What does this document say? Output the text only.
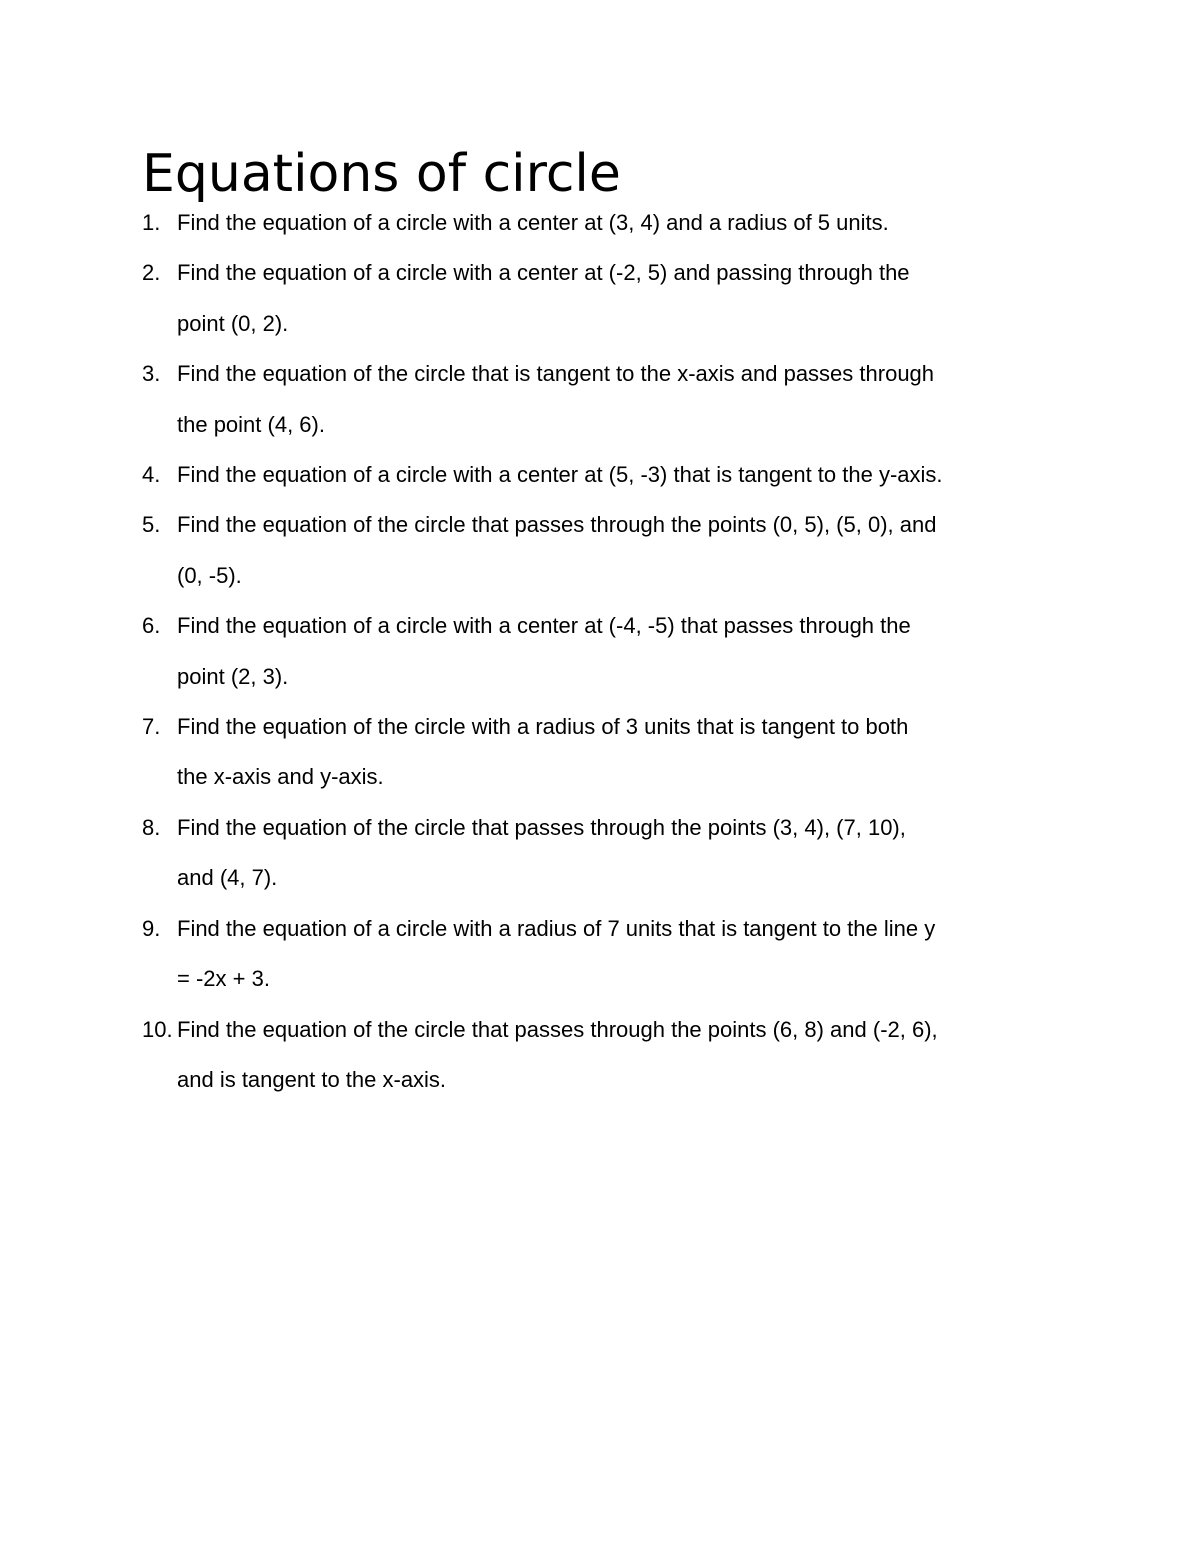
Equations of circle
1. Find the equation of a circle with a center at (3, 4) and a radius of 5 units.
2. Find the equation of a circle with a center at (-2, 5) and passing through the
point (0, 2).
3. Find the equation of the circle that is tangent to the x-axis and passes through
the point (4, 6).
4. Find the equation of a circle with a center at (5, -3) that is tangent to the y-axis.
5. Find the equation of the circle that passes through the points (0, 5), (5, 0), and
(0, -5).
6. Find the equation of a circle with a center at (-4, -5) that passes through the
point (2, 3).
7. Find the equation of the circle with a radius of 3 units that is tangent to both
the x-axis and y-axis.
8. Find the equation of the circle that passes through the points (3, 4), (7, 10),
and (4, 7).
9. Find the equation of a circle with a radius of 7 units that is tangent to the line y
= -2x + 3.
10. Find the equation of the circle that passes through the points (6, 8) and (-2, 6),
and is tangent to the x-axis.
